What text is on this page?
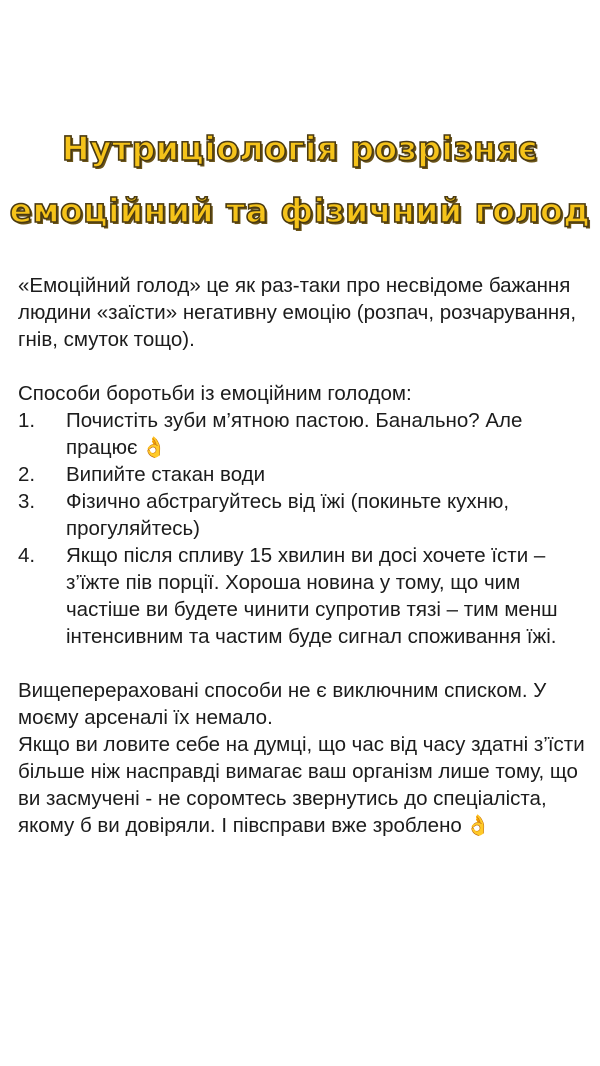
Нутриціологія розрізняє
емоційний та фізичний голод

«Емоційний голод» це як раз-таки про несвідоме бажання людини «заїсти» негативну емоцію (розпач, розчарування, гнів, смуток тощо).

Способи боротьби із емоційним голодом:

1.	Почистіть зуби м’ятною пастою. Банально? Але працює 👌
2.	Випийте стакан води
3.	Фізично абстрагуйтесь від їжі (покиньте кухню, прогуляйтесь)
4.	Якщо після спливу 15 хвилин ви досі хочете їсти – з’їжте пів порції. Хороша новина у тому, що чим частіше ви будете чинити супротив тязі – тим менш інтенсивним та частим буде сигнал споживання їжі.

Вищеперераховані способи не є виключним списком. У моєму арсеналі їх немало.

Якщо ви ловите себе на думці, що час від часу здатні з’їсти більше ніж насправді вимагає ваш організм лише тому, що ви засмучені - не соромтесь звернутись до спеціаліста, якому б ви довіряли. І півсправи вже зроблено 👌
